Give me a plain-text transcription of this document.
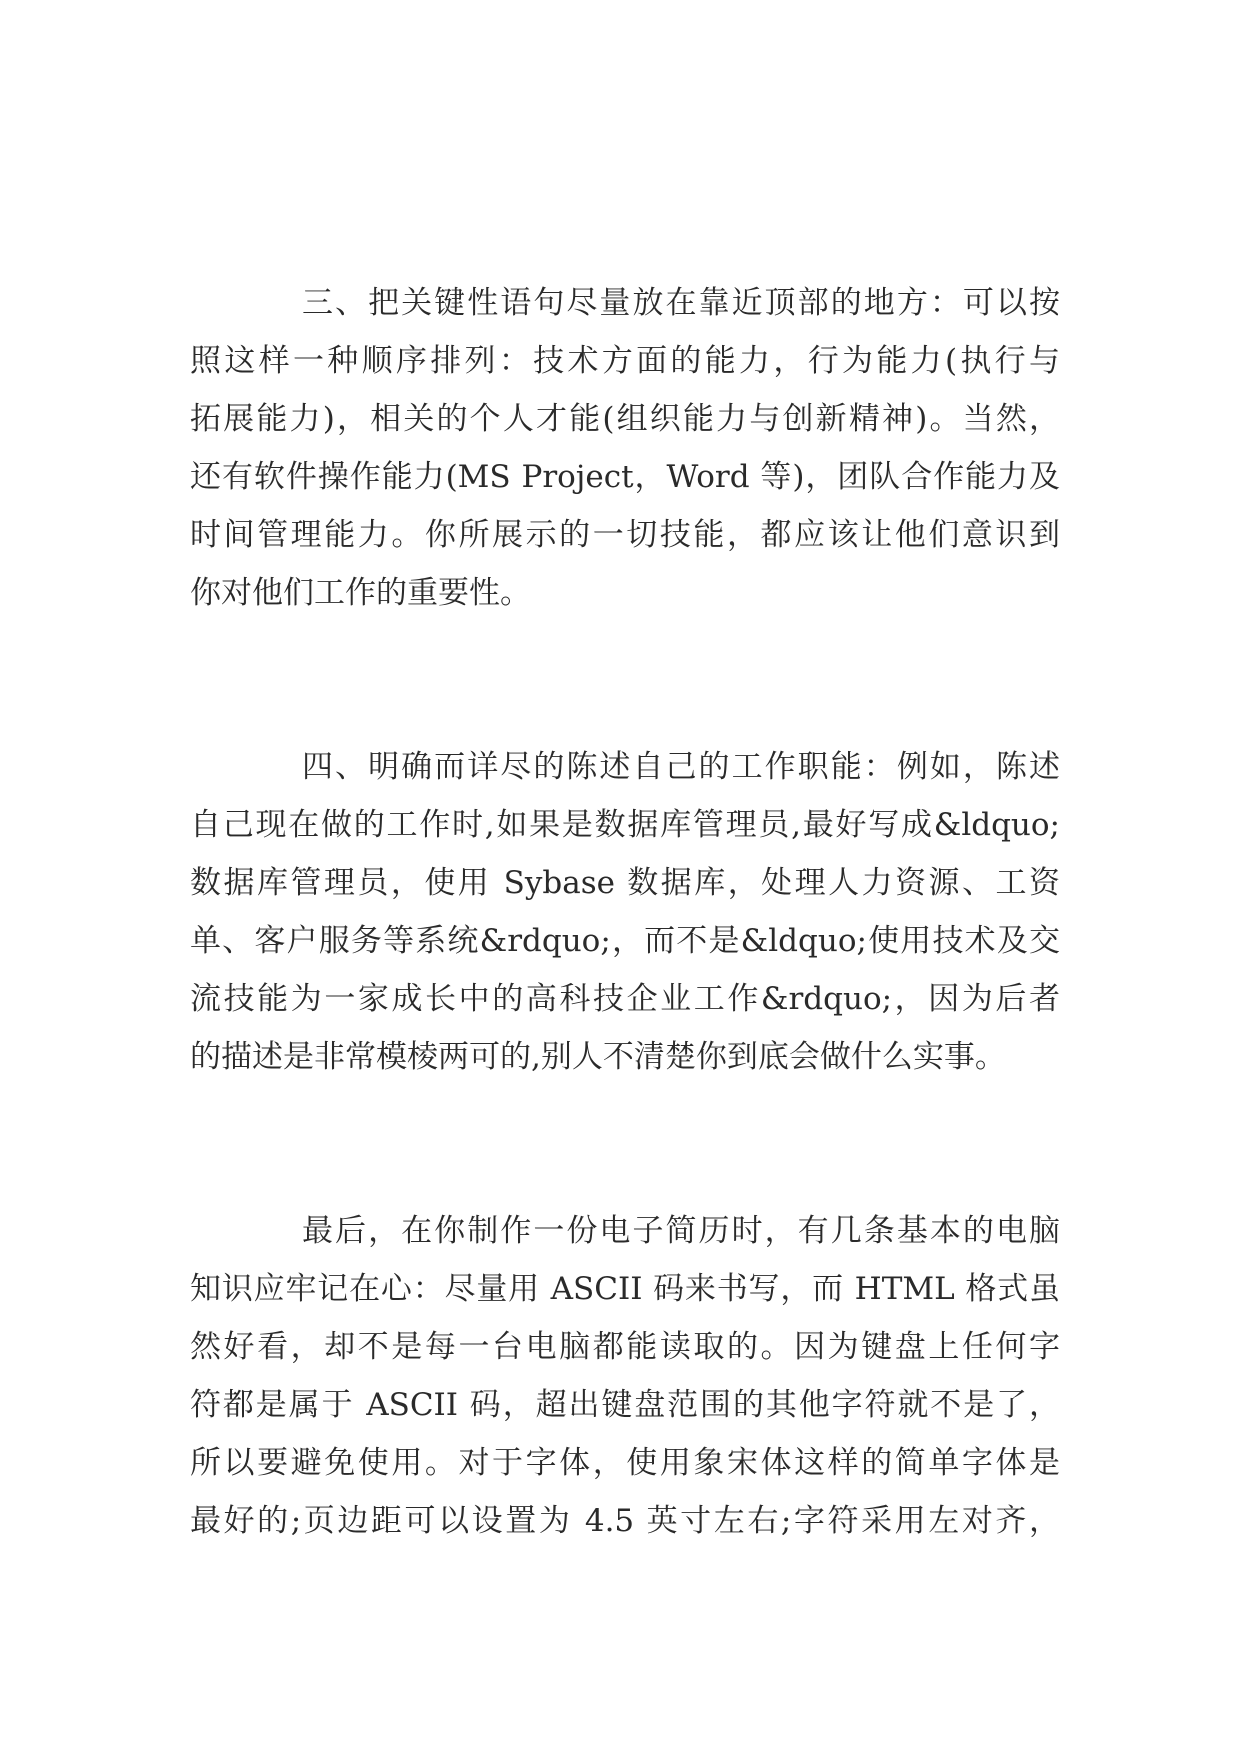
三、把关键性语句尽量放在靠近顶部的地方：可以按
照这样一种顺序排列：技术方面的能力，行为能力(执行与
拓展能力)，相关的个人才能(组织能力与创新精神)。当然，
还有软件操作能力(MS Project，Word 等)，团队合作能力及
时间管理能力。你所展示的一切技能，都应该让他们意识到
你对他们工作的重要性。
四、明确而详尽的陈述自己的工作职能：例如，陈述
自己现在做的工作时,如果是数据库管理员,最好写成&ldquo;
数据库管理员，使用 Sybase 数据库，处理人力资源、工资
单、客户服务等系统&rdquo;，而不是&ldquo;使用技术及交
流技能为一家成长中的高科技企业工作&rdquo;，因为后者
的描述是非常模棱两可的,别人不清楚你到底会做什么实事。
最后，在你制作一份电子简历时，有几条基本的电脑
知识应牢记在心：尽量用 ASCII 码来书写，而 HTML 格式虽
然好看，却不是每一台电脑都能读取的。因为键盘上任何字
符都是属于 ASCII 码，超出键盘范围的其他字符就不是了，
所以要避免使用。对于字体，使用象宋体这样的简单字体是
最好的;页边距可以设置为 4.5 英寸左右;字符采用左对齐，
